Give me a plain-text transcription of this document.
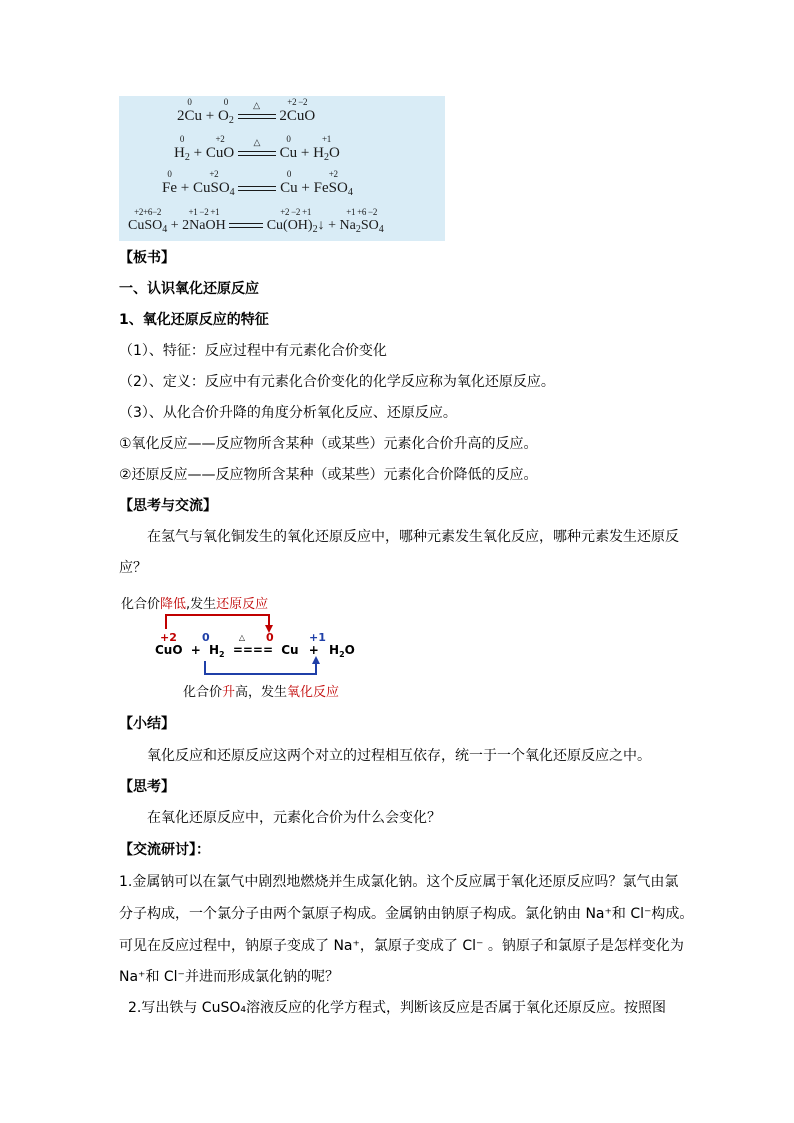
0
2Cu +
0
$O_2$
△
	+2 −2
2CuO
0
$H_2$ +
+2
CuO
△
	0
Cu +
+1
$H_2O$
0
Fe +
+2
CuSO$_4$
0
Cu +
+2
FeSO$_4$
+2+6−2
CuSO$_4$ +
+1 −2 +1
2NaOH
+2 −2 +1
$Cu(OH)_2↓$ +
+1 +6 −2
$Na_2SO_4$
【板书】
一、认识氧化还原反应
1、氧化还原反应的特征
（1）、特征：反应过程中有元素化合价变化
（2）、定义：反应中有元素化合价变化的化学反应称为氧化还原反应。
（3）、从化合价升降的角度分析氧化反应、还原反应。
①氧化反应——反应物所含某种（或某些）元素化合价升高的反应。
②还原反应——反应物所含某种（或某些）元素化合价降低的反应。
【思考与交流】
在氢气与氧化铜发生的氧化还原反应中，哪种元素发生氧化反应，哪种元素发生还原反
应？
化合价降低,发生还原反应
+2 0	0	+1
CuO + $H_2$
△
==== $Cu + H_2O$
化合价升高，发生氧化反应
【小结】
氧化反应和还原反应这两个对立的过程相互依存，统一于一个氧化还原反应之中。
【思考】
在氧化还原反应中，元素化合价为什么会变化？
【交流研讨】：
1.金属钠可以在氯气中剧烈地燃烧并生成氯化钠。这个反应属于氧化还原反应吗？氯气由氯
分子构成，一个氯分子由两个氯原子构成。金属钠由钠原子构成。氯化钠由 Na⁺和 Cl⁻构成。
可见在反应过程中，钠原子变成了 Na⁺，氯原子变成了 Cl⁻ 。钠原子和氯原子是怎样变化为
Na⁺和 Cl⁻并进而形成氯化钠的呢？
2.写出铁与 CuSO₄溶液反应的化学方程式，判断该反应是否属于氧化还原反应。按照图
